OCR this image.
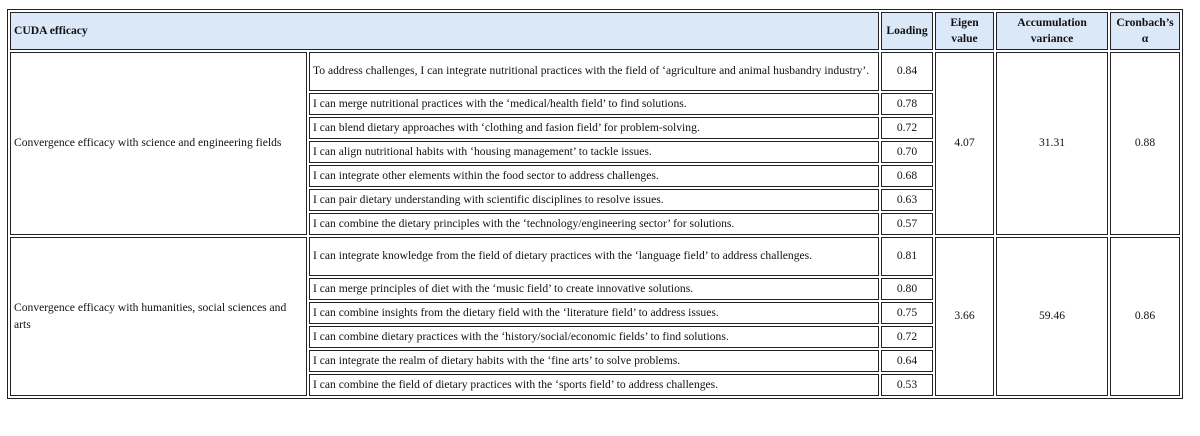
CUDA efficacy		Loading	Eigen value	Accumulation variance	Cronbach’s α
Convergence efficacy with science and engineering fields	To address challenges, I can integrate nutritional practices with the field of ‘agriculture and animal husbandry industry’.	0.84	4.07	31.31	0.88
	I can merge nutritional practices with the ‘medical/health field’ to find solutions.	0.78			
	I can blend dietary approaches with ‘clothing and fasion field’ for problem-solving.	0.72			
	I can align nutritional habits with ‘housing management’ to tackle issues.	0.70			
	I can integrate other elements within the food sector to address challenges.	0.68			
	I can pair dietary understanding with scientific disciplines to resolve issues.	0.63			
	I can combine the dietary principles with the ‘technology/engineering sector’ for solutions.	0.57			
Convergence efficacy with humanities, social sciences and arts	I can integrate knowledge from the field of dietary practices with the ‘language field’ to address challenges.	0.81	3.66	59.46	0.86
	I can merge principles of diet with the ‘music field’ to create innovative solutions.	0.80			
	I can combine insights from the dietary field with the ‘literature field’ to address issues.	0.75			
	I can combine dietary practices with the ‘history/social/economic fields’ to find solutions.	0.72			
	I can integrate the realm of dietary habits with the ‘fine arts’ to solve problems.	0.64			
	I can combine the field of dietary practices with the ‘sports field’ to address challenges.	0.53			
